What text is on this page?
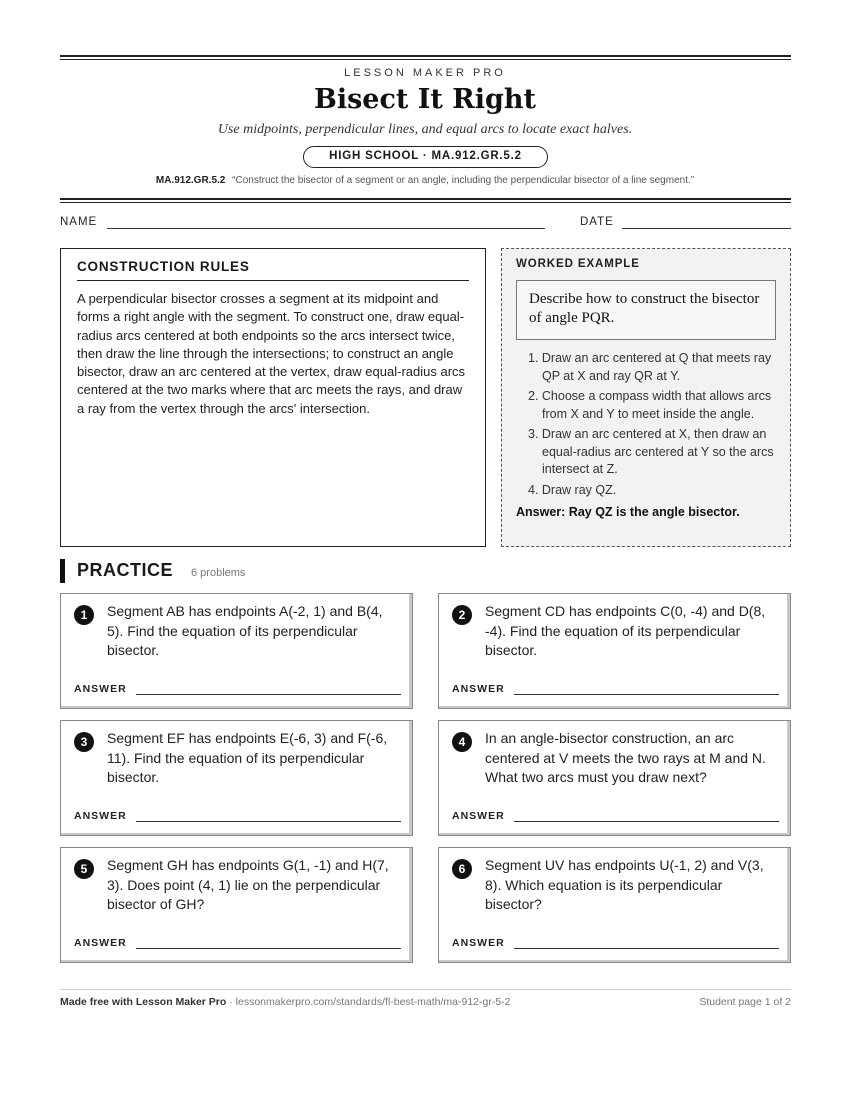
LESSON MAKER PRO
Bisect It Right
Use midpoints, perpendicular lines, and equal arcs to locate exact halves.
HIGH SCHOOL · MA.912.GR.5.2
MA.912.GR.5.2 “Construct the bisector of a segment or an angle, including the perpendicular bisector of a line segment.”
NAME	DATE
CONSTRUCTION RULES
A perpendicular bisector crosses a segment at its midpoint and forms a right angle with the segment. To construct one, draw equal-radius arcs centered at both endpoints so the arcs intersect twice, then draw the line through the intersections; to construct an angle bisector, draw an arc centered at the vertex, draw equal-radius arcs centered at the two marks where that arc meets the rays, and draw a ray from the vertex through the arcs' intersection.
WORKED EXAMPLE
Describe how to construct the bisector of angle PQR.
1. Draw an arc centered at Q that meets ray QP at X and ray QR at Y.
2. Choose a compass width that allows arcs from X and Y to meet inside the angle.
3. Draw an arc centered at X, then draw an equal-radius arc centered at Y so the arcs intersect at Z.
4. Draw ray QZ.
Answer: Ray QZ is the angle bisector.
PRACTICE 6 problems
1	Segment AB has endpoints A(-2, 1) and B(4, 5). Find the equation of its perpendicular bisector.
ANSWER
2	Segment CD has endpoints C(0, -4) and D(8, -4). Find the equation of its perpendicular bisector.
ANSWER
3	Segment EF has endpoints E(-6, 3) and F(-6, 11). Find the equation of its perpendicular bisector.
ANSWER
4	In an angle-bisector construction, an arc centered at V meets the two rays at M and N. What two arcs must you draw next?
ANSWER
5	Segment GH has endpoints G(1, -1) and H(7, 3). Does point (4, 1) lie on the perpendicular bisector of GH?
ANSWER
6	Segment UV has endpoints U(-1, 2) and V(3, 8). Which equation is its perpendicular bisector?
ANSWER
Made free with Lesson Maker Pro · lessonmakerpro.com/standards/fl-best-math/ma-912-gr-5-2	Student page 1 of 2
